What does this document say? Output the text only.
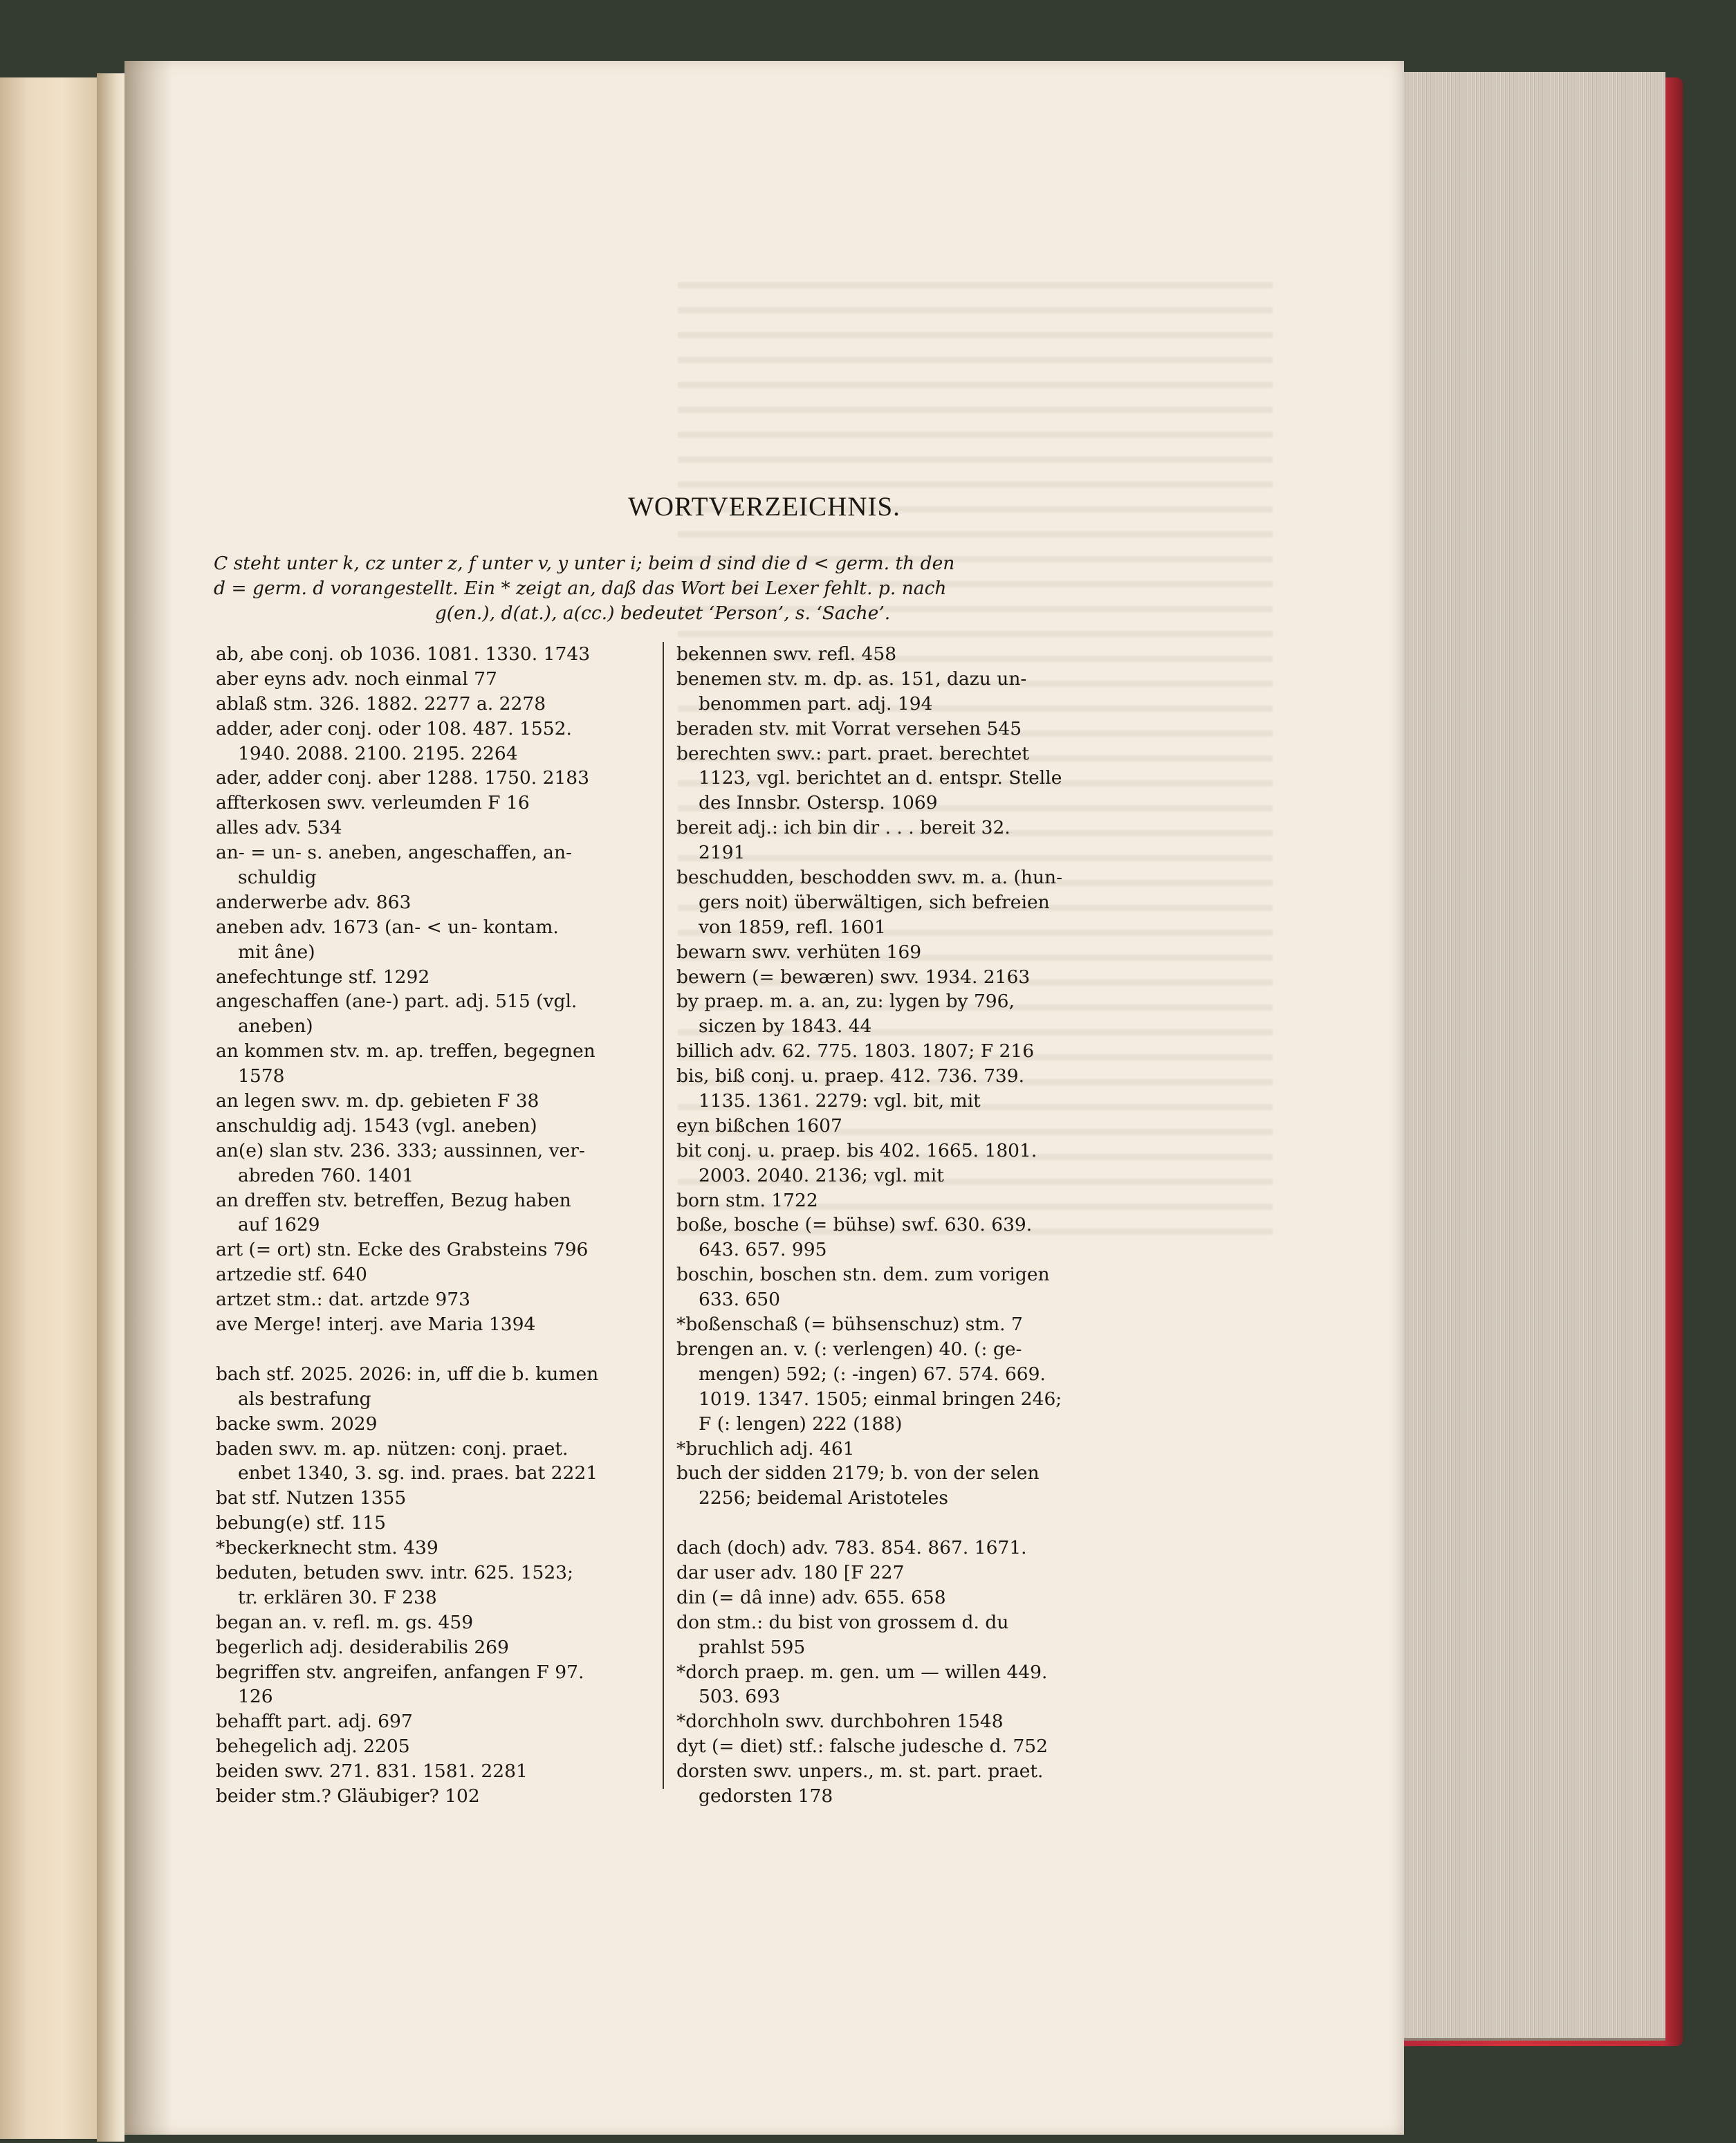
WORTVERZEICHNIS.
C steht unter k, cz unter z, f unter v, y unter i; beim d sind die d < germ. th den
d = germ. d vorangestellt. Ein * zeigt an, daß das Wort bei Lexer fehlt. p. nach
g(en.), d(at.), a(cc.) bedeutet ‘Person’, s. ‘Sache’.
ab, abe conj. ob 1036. 1081. 1330. 1743
aber eyns adv. noch einmal 77
ablaß stm. 326. 1882. 2277 a. 2278
adder, ader conj. oder 108. 487. 1552.
1940. 2088. 2100. 2195. 2264
ader, adder conj. aber 1288. 1750. 2183
affterkosen swv. verleumden F 16
alles adv. 534
an- = un- s. aneben, angeschaffen, an-
schuldig
anderwerbe adv. 863
aneben adv. 1673 (an- < un- kontam.
mit âne)
anefechtunge stf. 1292
angeschaffen (ane-) part. adj. 515 (vgl.
aneben)
an kommen stv. m. ap. treffen, begegnen
1578
an legen swv. m. dp. gebieten F 38
anschuldig adj. 1543 (vgl. aneben)
an(e) slan stv. 236. 333; aussinnen, ver-
abreden 760. 1401
an dreffen stv. betreffen, Bezug haben
auf 1629
art (= ort) stn. Ecke des Grabsteins 796
artzedie stf. 640
artzet stm.: dat. artzde 973
ave Merge! interj. ave Maria 1394
bach stf. 2025. 2026: in, uff die b. kumen
als bestrafung
backe swm. 2029
baden swv. m. ap. nützen: conj. praet.
enbet 1340, 3. sg. ind. praes. bat 2221
bat stf. Nutzen 1355
bebung(e) stf. 115
*beckerknecht stm. 439
beduten, betuden swv. intr. 625. 1523;
tr. erklären 30. F 238
began an. v. refl. m. gs. 459
begerlich adj. desiderabilis 269
begriffen stv. angreifen, anfangen F 97.
126
behafft part. adj. 697
behegelich adj. 2205
beiden swv. 271. 831. 1581. 2281
beider stm.? Gläubiger? 102
bekennen swv. refl. 458
benemen stv. m. dp. as. 151, dazu un-
benommen part. adj. 194
beraden stv. mit Vorrat versehen 545
berechten swv.: part. praet. berechtet
1123, vgl. berichtet an d. entspr. Stelle
des Innsbr. Ostersp. 1069
bereit adj.: ich bin dir . . . bereit 32.
2191
beschudden, beschodden swv. m. a. (hun-
gers noit) überwältigen, sich befreien
von 1859, refl. 1601
bewarn swv. verhüten 169
bewern (= bewæren) swv. 1934. 2163
by praep. m. a. an, zu: lygen by 796,
siczen by 1843. 44
billich adv. 62. 775. 1803. 1807; F 216
bis, biß conj. u. praep. 412. 736. 739.
1135. 1361. 2279: vgl. bit, mit
eyn bißchen 1607
bit conj. u. praep. bis 402. 1665. 1801.
2003. 2040. 2136; vgl. mit
born stm. 1722
boße, bosche (= bühse) swf. 630. 639.
643. 657. 995
boschin, boschen stn. dem. zum vorigen
633. 650
*boßenschaß (= bühsenschuz) stm. 7
brengen an. v. (: verlengen) 40. (: ge-
mengen) 592; (: -ingen) 67. 574. 669.
1019. 1347. 1505; einmal bringen 246;
F (: lengen) 222 (188)
*bruchlich adj. 461
buch der sidden 2179; b. von der selen
2256; beidemal Aristoteles
dach (doch) adv. 783. 854. 867. 1671.
dar user adv. 180 [F 227
din (= dâ inne) adv. 655. 658
don stm.: du bist von grossem d. du
prahlst 595
*dorch praep. m. gen. um — willen 449.
503. 693
*dorchholn swv. durchbohren 1548
dyt (= diet) stf.: falsche judesche d. 752
dorsten swv. unpers., m. st. part. praet.
gedorsten 178
